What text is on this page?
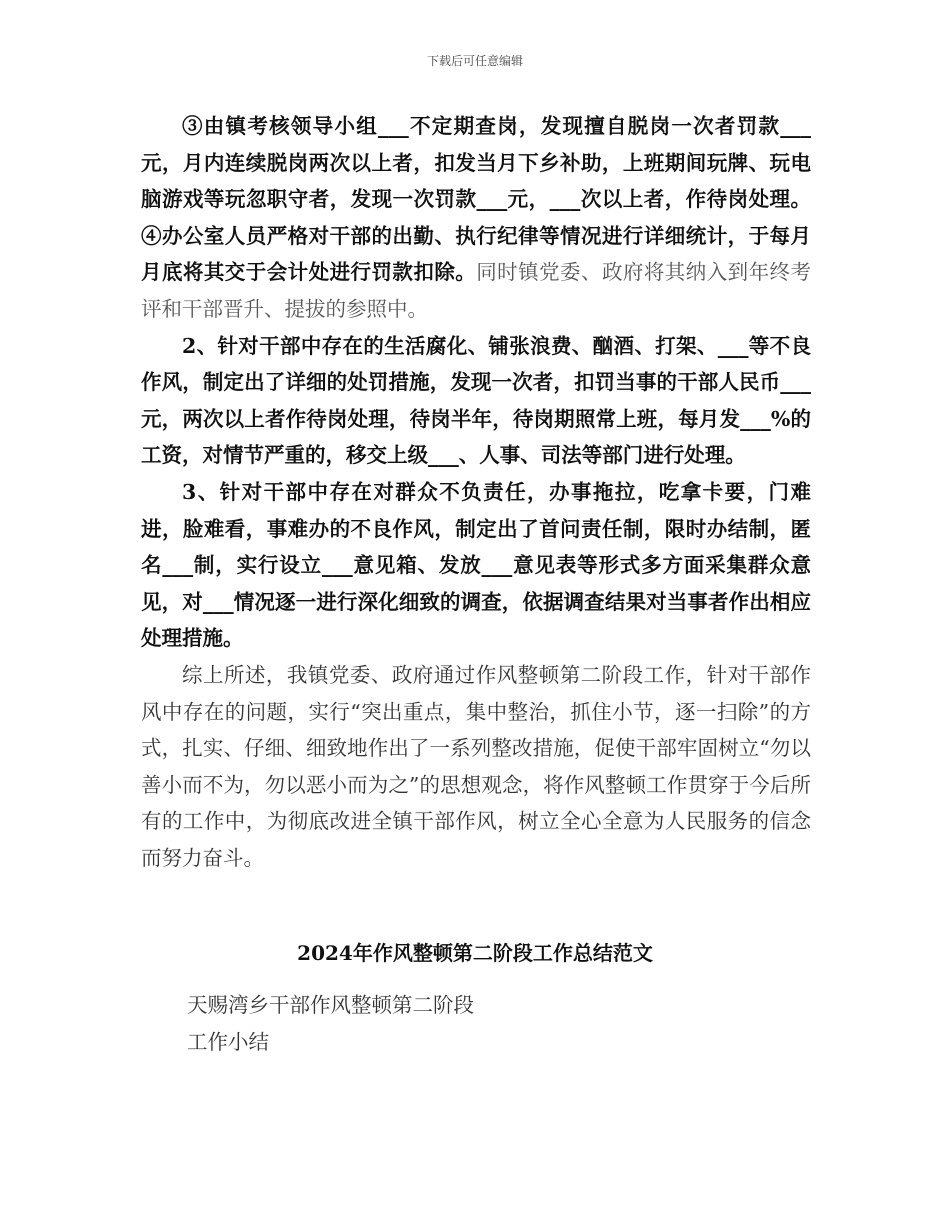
下载后可任意编辑

③由镇考核领导小组___不定期查岗，发现擅自脱岗一次者罚款___元，月内连续脱岗两次以上者，扣发当月下乡补助，上班期间玩牌、玩电脑游戏等玩忽职守者，发现一次罚款___元，___次以上者，作待岗处理。④办公室人员严格对干部的出勤、执行纪律等情况进行详细统计，于每月月底将其交于会计处进行罚款扣除。同时镇党委、政府将其纳入到年终考评和干部晋升、提拔的参照中。

2、针对干部中存在的生活腐化、铺张浪费、酗酒、打架、___等不良作风，制定出了详细的处罚措施，发现一次者，扣罚当事的干部人民币___元，两次以上者作待岗处理，待岗半年，待岗期照常上班，每月发___%的工资，对情节严重的，移交上级___、人事、司法等部门进行处理。

3、针对干部中存在对群众不负责任，办事拖拉，吃拿卡要，门难进，脸难看，事难办的不良作风，制定出了首问责任制，限时办结制，匿名___制，实行设立___意见箱、发放___意见表等形式多方面采集群众意见，对___情况逐一进行深化细致的调查，依据调查结果对当事者作出相应处理措施。

综上所述，我镇党委、政府通过作风整顿第二阶段工作，针对干部作风中存在的问题，实行“突出重点，集中整治，抓住小节，逐一扫除”的方式，扎实、仔细、细致地作出了一系列整改措施，促使干部牢固树立“勿以善小而不为，勿以恶小而为之”的思想观念，将作风整顿工作贯穿于今后所有的工作中，为彻底改进全镇干部作风，树立全心全意为人民服务的信念而努力奋斗。

2024年作风整顿第二阶段工作总结范文
天赐湾乡干部作风整顿第二阶段
工作小结
